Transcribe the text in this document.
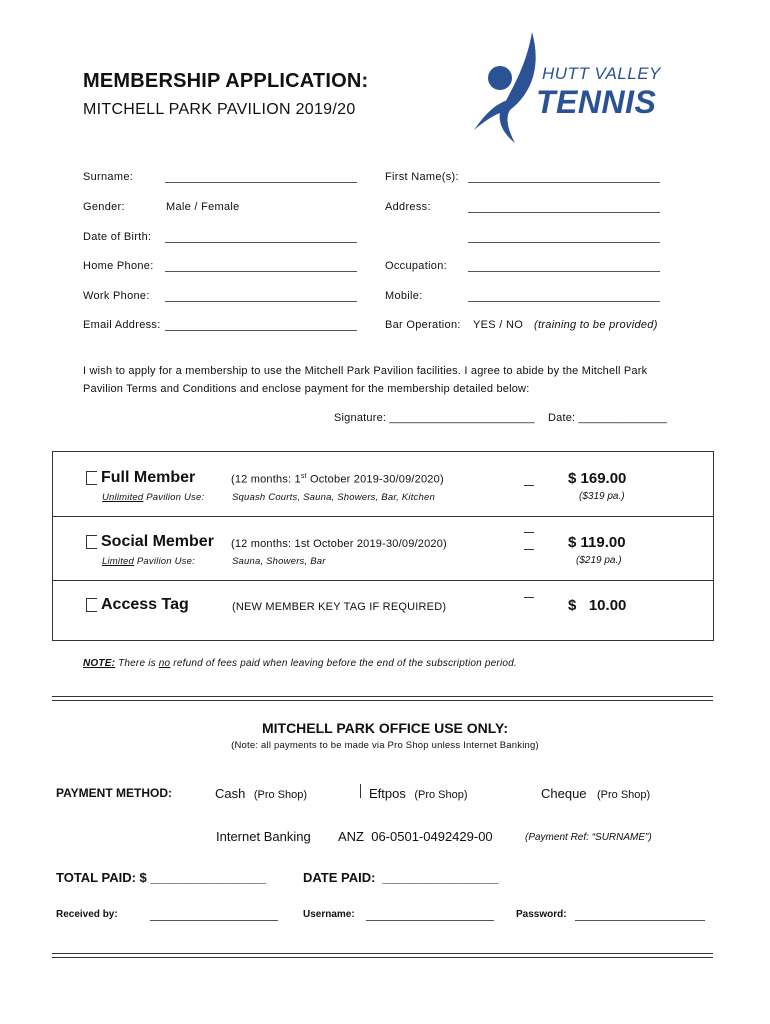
MEMBERSHIP APPLICATION:
MITCHELL PARK PAVILION 2019/20
HUTT VALLEY
TENNIS
Surname:	First Name(s):
Gender:	Male / Female	Address:
Date of Birth:
Home Phone:	Occupation:
Work Phone:	Mobile:
Email Address:	Bar Operation: YES / NO (training to be provided)
I wish to apply for a membership to use the Mitchell Park Pavilion facilities. I agree to abide by the Mitchell Park Pavilion Terms and Conditions and enclose payment for the membership detailed below:
Signature: _______________________ Date: ______________
Full Member	(12 months: 1st October 2019-30/09/2020)
Unlimited Pavilion Use:	Squash Courts, Sauna, Showers, Bar, Kitchen
$ 169.00
($319 pa.)
Social Member (12 months: 1st October 2019-30/09/2020)
Limited Pavilion Use:	Sauna, Showers, Bar
$ 119.00
($219 pa.)
Access Tag	(NEW MEMBER KEY TAG IF REQUIRED)	$   10.00
NOTE: There is no refund of fees paid when leaving before the end of the subscription period.
MITCHELL PARK OFFICE USE ONLY:
(Note: all payments to be made via Pro Shop unless Internet Banking)
PAYMENT METHOD:	Cash (Pro Shop)	Eftpos (Pro Shop)	Cheque (Pro Shop)
Internet Banking ANZ  06-0501-0492429-00	(Payment Ref: “SURNAME”)
TOTAL PAID: $ ________________	DATE PAID:  ________________
Received by:	Username:	Password:
